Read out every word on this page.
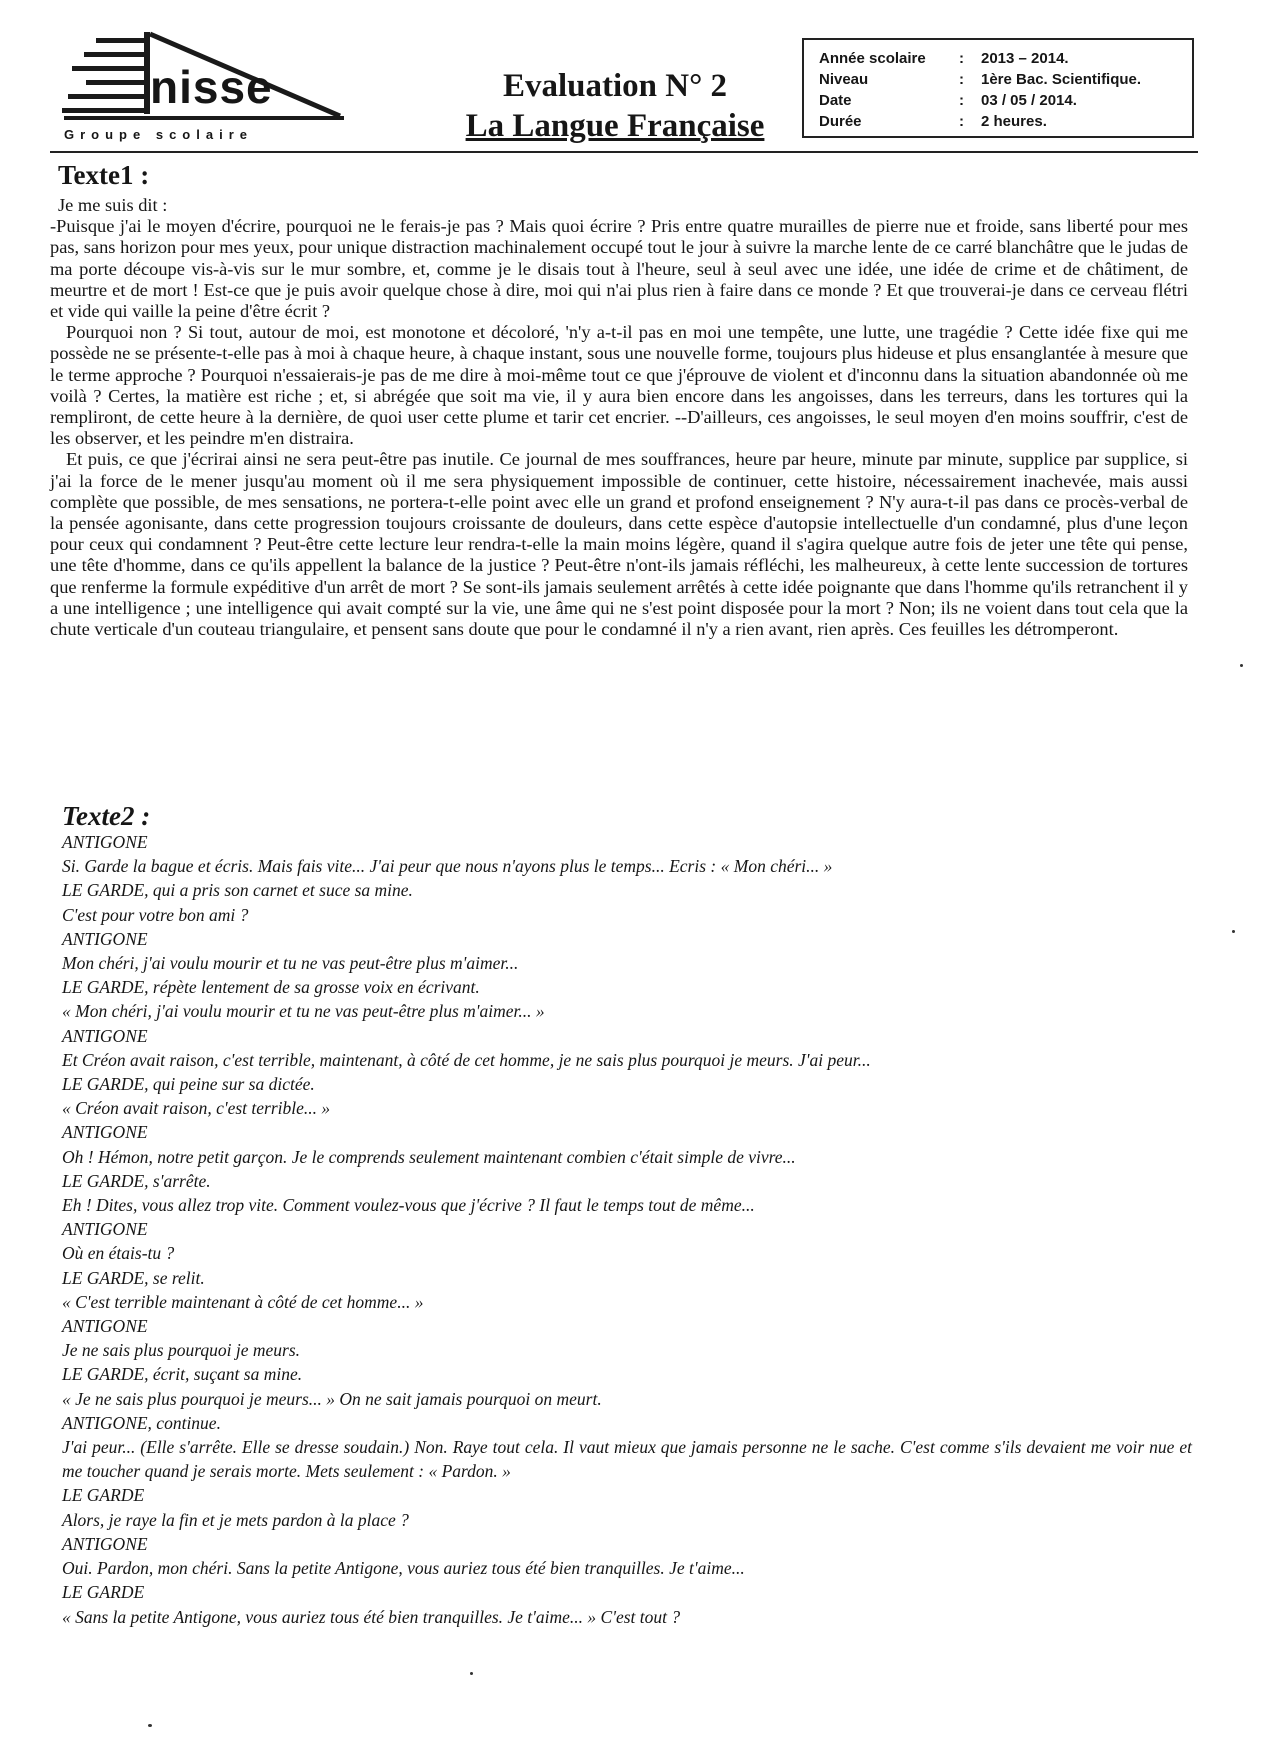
nisse
Groupe scolaire
Evaluation N° 2
La Langue Française
Année scolaire	:	2013 – 2014.
Niveau	:	1ère Bac. Scientifique.
Date	:	03 / 05 / 2014.
Durée	:	2 heures.
Texte1 :

Je me suis dit :

-Puisque j'ai le moyen d'écrire, pourquoi ne le ferais-je pas ? Mais quoi écrire ? Pris entre quatre murailles de pierre nue et froide, sans liberté pour mes pas, sans horizon pour mes yeux, pour unique distraction machinalement occupé tout le jour à suivre la marche lente de ce carré blanchâtre que le judas de ma porte découpe vis-à-vis sur le mur sombre, et, comme je le disais tout à l'heure, seul à seul avec une idée, une idée de crime et de châtiment, de meurtre et de mort ! Est-ce que je puis avoir quelque chose à dire, moi qui n'ai plus rien à faire dans ce monde ? Et que trouverai-je dans ce cerveau flétri et vide qui vaille la peine d'être écrit ?

Pourquoi non ? Si tout, autour de moi, est monotone et décoloré, 'n'y a-t-il pas en moi une tempête, une lutte, une tragédie ? Cette idée fixe qui me possède ne se présente-t-elle pas à moi à chaque heure, à chaque instant, sous une nouvelle forme, toujours plus hideuse et plus ensanglantée à mesure que le terme approche ? Pourquoi n'essaierais-je pas de me dire à moi-même tout ce que j'éprouve de violent et d'inconnu dans la situation abandonnée où me voilà ? Certes, la matière est riche ; et, si abrégée que soit ma vie, il y aura bien encore dans les angoisses, dans les terreurs, dans les tortures qui la rempliront, de cette heure à la dernière, de quoi user cette plume et tarir cet encrier. --D'ailleurs, ces angoisses, le seul moyen d'en moins souffrir, c'est de les observer, et les peindre m'en distraira.

Et puis, ce que j'écrirai ainsi ne sera peut-être pas inutile. Ce journal de mes souffrances, heure par heure, minute par minute, supplice par supplice, si j'ai la force de le mener jusqu'au moment où il me sera physiquement impossible de continuer, cette histoire, nécessairement inachevée, mais aussi complète que possible, de mes sensations, ne portera-t-elle point avec elle un grand et profond enseignement ? N'y aura-t-il pas dans ce procès-verbal de la pensée agonisante, dans cette progression toujours croissante de douleurs, dans cette espèce d'autopsie intellectuelle d'un condamné, plus d'une leçon pour ceux qui condamnent ? Peut-être cette lecture leur rendra-t-elle la main moins légère, quand il s'agira quelque autre fois de jeter une tête qui pense, une tête d'homme, dans ce qu'ils appellent la balance de la justice ? Peut-être n'ont-ils jamais réfléchi, les malheureux, à cette lente succession de tortures que renferme la formule expéditive d'un arrêt de mort ? Se sont-ils jamais seulement arrêtés à cette idée poignante que dans l'homme qu'ils retranchent il y a une intelligence ; une intelligence qui avait compté sur la vie, une âme qui ne s'est point disposée pour la mort ? Non; ils ne voient dans tout cela que la chute verticale d'un couteau triangulaire, et pensent sans doute que pour le condamné il n'y a rien avant, rien après. Ces feuilles les détromperont.

Texte2 :
ANTIGONE
Si. Garde la bague et écris. Mais fais vite... J'ai peur que nous n'ayons plus le temps... Ecris : « Mon chéri... »
LE GARDE, qui a pris son carnet et suce sa mine.
C'est pour votre bon ami ?
ANTIGONE
Mon chéri, j'ai voulu mourir et tu ne vas peut-être plus m'aimer...
LE GARDE, répète lentement de sa grosse voix en écrivant.
« Mon chéri, j'ai voulu mourir et tu ne vas peut-être plus m'aimer... »
ANTIGONE
Et Créon avait raison, c'est terrible, maintenant, à côté de cet homme, je ne sais plus pourquoi je meurs. J'ai peur...
LE GARDE, qui peine sur sa dictée.
« Créon avait raison, c'est terrible... »
ANTIGONE
Oh ! Hémon, notre petit garçon. Je le comprends seulement maintenant combien c'était simple de vivre...
LE GARDE, s'arrête.
Eh ! Dites, vous allez trop vite. Comment voulez-vous que j'écrive ? Il faut le temps tout de même...
ANTIGONE
Où en étais-tu ?
LE GARDE, se relit.
« C'est terrible maintenant à côté de cet homme... »
ANTIGONE
Je ne sais plus pourquoi je meurs.
LE GARDE, écrit, suçant sa mine.
« Je ne sais plus pourquoi je meurs... » On ne sait jamais pourquoi on meurt.
ANTIGONE, continue.
J'ai peur... (Elle s'arrête. Elle se dresse soudain.) Non. Raye tout cela. Il vaut mieux que jamais personne ne le sache. C'est comme s'ils devaient me voir nue et me toucher quand je serais morte. Mets seulement : « Pardon. »
LE GARDE
Alors, je raye la fin et je mets pardon à la place ?
ANTIGONE
Oui. Pardon, mon chéri. Sans la petite Antigone, vous auriez tous été bien tranquilles. Je t'aime...
LE GARDE
« Sans la petite Antigone, vous auriez tous été bien tranquilles. Je t'aime... » C'est tout ?
